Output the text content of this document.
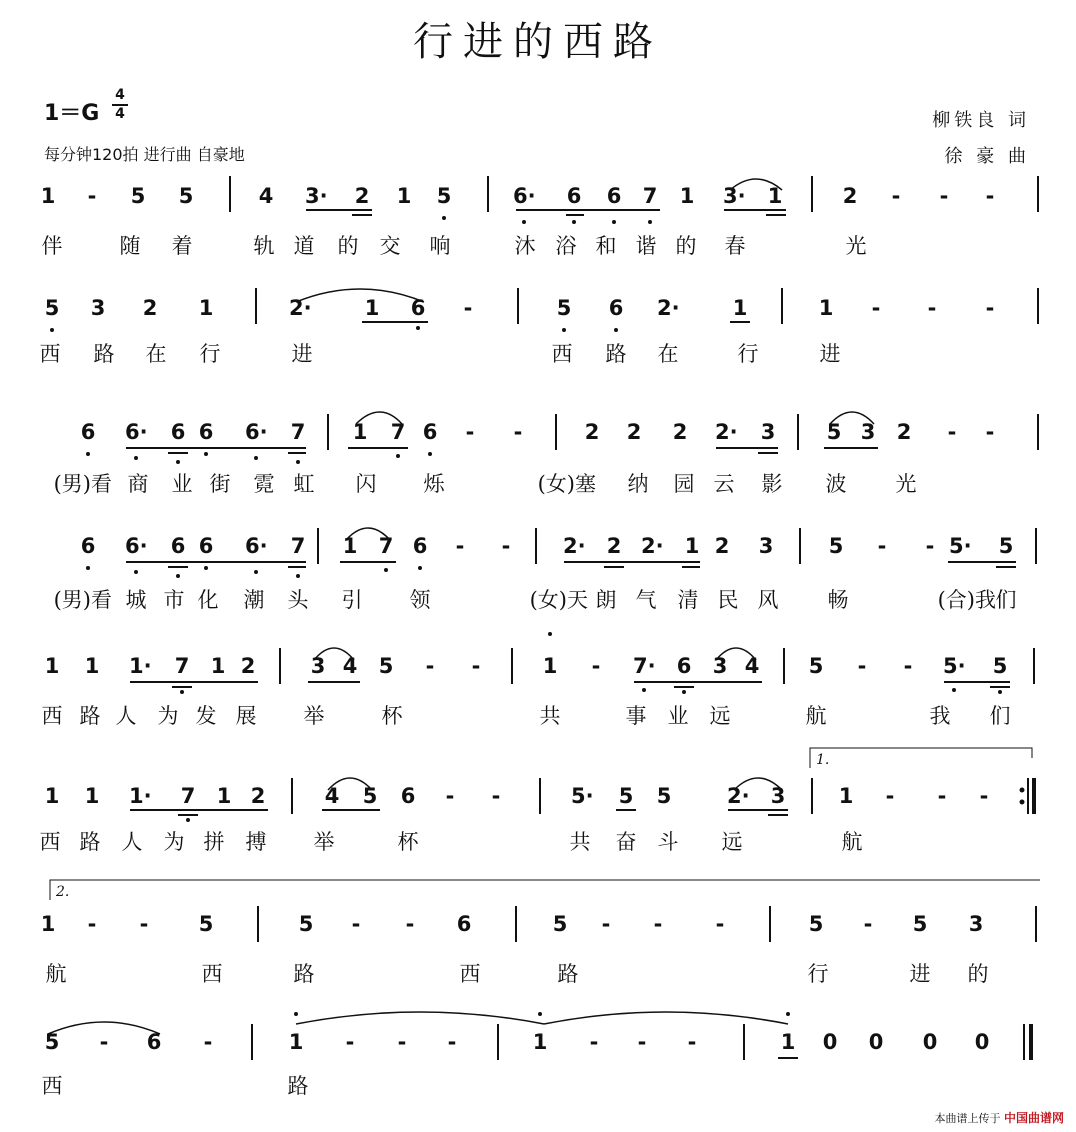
行进的西路
1＝G
4
4
每分钟120拍 进行曲 自豪地
柳铁良 词
徐 豪 曲
1	-	5 5	4 3· 2 1 5	6· 6 6 7 1 3· 1	2	-	-	-
5 3 2 1	2·	1 6	-	5 6 2·	1	1	-	-	-
6 6· 6 6 6· 7 1 7 6	-	-	2 2 2 2· 3 5 3 2	-	-
6 6· 6 6 6· 7 1 7 6	-	-	2· 2 2· 1 2 3	5	-	- 5· 5
1 1 1· 7 1 2	3 4 5	-	-	1	-	7· 6 3 4 5	-	-	5· 5
1 1 1· 7 1 2	4 5 6	-	-	5· 5 5	2· 3	1	-	-	-
1	-	-	5	5	-	-	6	5	-	-	-	5	-	5 3
5	-	6	-	1	-	-	-	1	-	-	-	1 0 0 0 0
伴	随 着	轨 道 的 交 响	沐 浴 和 谐 的 春	光
西 路 在 行	进	西 路 在	行	进
(男)看 商 业 街 霓 虹 闪 烁	(女)塞 纳 园 云 影 波 光
(男)看 城 市 化 潮 头 引 领	(女)天 朗 气 清 民 风 畅	(合)我 们
西 路 人 为 发 展 举	杯	共	事 业 远	航	我 们
西 路 人 为 拼 搏 举	杯	共 奋 斗 远	航
航	西	路	西	路	行	进 的
西	路
本曲谱上传于 中国曲谱网
1.
2.
